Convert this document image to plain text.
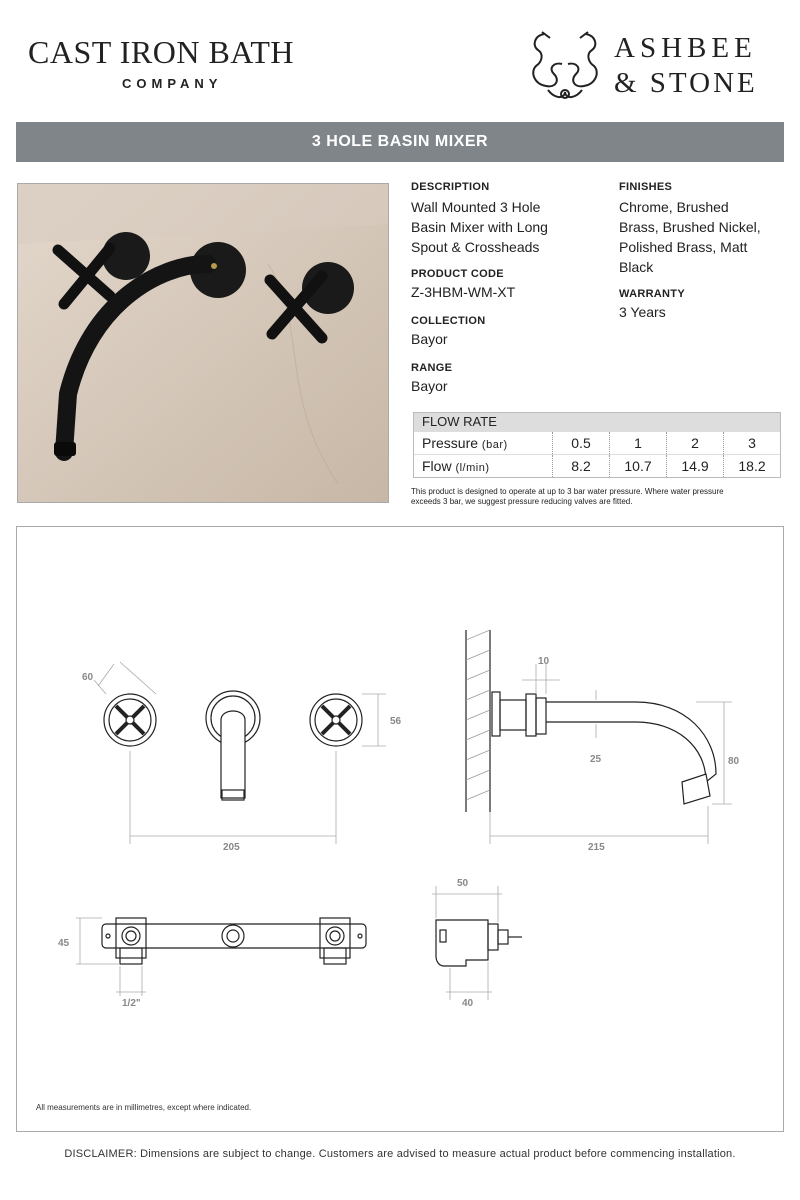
CAST IRON BATH
COMPANY
ASHBEE
& STONE
3 HOLE BASIN MIXER
DESCRIPTION
Wall Mounted 3 Hole
Basin Mixer with Long
Spout & Crossheads
PRODUCT CODE
Z-3HBM-WM-XT
COLLECTION
Bayor
RANGE
Bayor
FINISHES
Chrome, Brushed
Brass, Brushed Nickel,
Polished Brass, Matt
Black
WARRANTY
3 Years
FLOW RATE
Pressure (bar)	0.5	1	2	3
Flow (l/min)	8.2	10.7	14.9	18.2
This product is designed to operate at up to 3 bar water pressure. Where water pressure
exceeds 3 bar, we suggest pressure reducing valves are fitted.
60
56
205
10
25	80
215
45
1/2"
50
40
All measurements are in millimetres, except where indicated.
DISCLAIMER: Dimensions are subject to change. Customers are advised to measure actual product before commencing installation.
